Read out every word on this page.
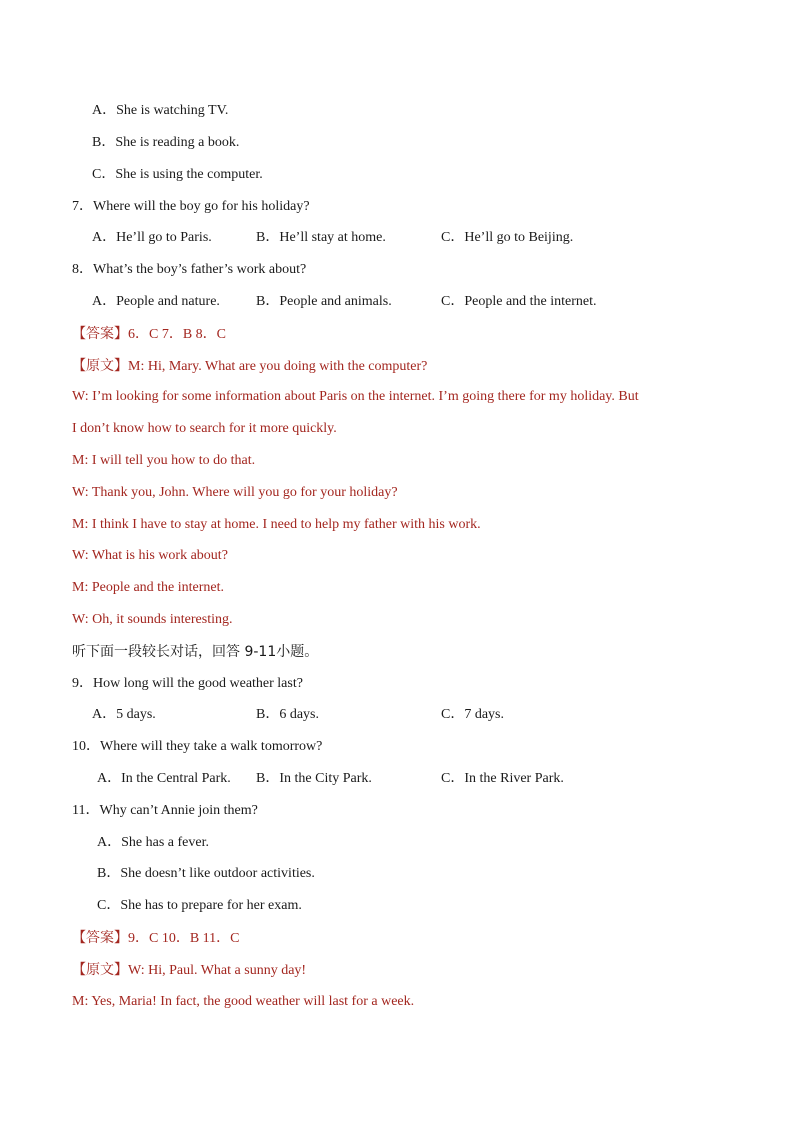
A．She is watching TV.
B．She is reading a book.
C．She is using the computer.
7．Where will the boy go for his holiday?
A．He’ll go to Paris.	B．He’ll stay at home.	C．He’ll go to Beijing.
8．What’s the boy’s father’s work about?
A．People and nature.	B．People and animals.	C．People and the internet.
【答案】6．C 7．B 8．C
【原文】M: Hi, Mary. What are you doing with the computer?
W: I’m looking for some information about Paris on the internet. I’m going there for my holiday. But
I don’t know how to search for it more quickly.
M: I will tell you how to do that.
W: Thank you, John. Where will you go for your holiday?
M: I think I have to stay at home. I need to help my father with his work.
W: What is his work about?
M: People and the internet.
W: Oh, it sounds interesting.
听下面一段较长对话，回答 9-11小题。
9．How long will the good weather last?
A．5 days.	B．6 days.	C．7 days.
10．Where will they take a walk tomorrow?
A．In the Central Park. B．In the City Park.	C．In the River Park.
11．Why can’t Annie join them?
A．She has a fever.
B．She doesn’t like outdoor activities.
C．She has to prepare for her exam.
【答案】9．C 10．B 11．C
【原文】W: Hi, Paul. What a sunny day!
M: Yes, Maria! In fact, the good weather will last for a week.
